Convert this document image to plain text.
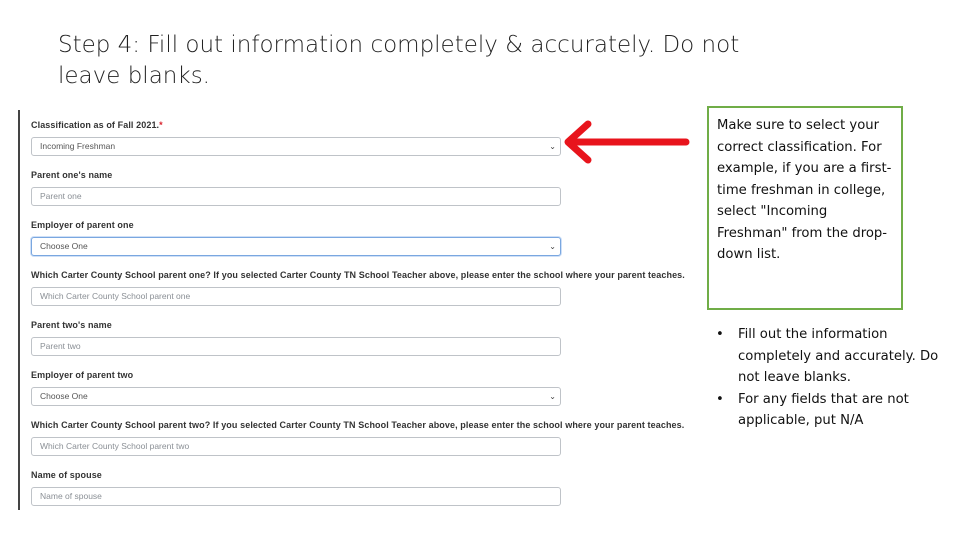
Step 4: Fill out information completely & accurately. Do not leave blanks.
Classification as of Fall 2021.*
Incoming Freshman	⌄
Parent one's name
Parent one
Employer of parent one
Choose One	⌄
Which Carter County School parent one? If you selected Carter County TN School Teacher above, please enter the school where your parent teaches.
Which Carter County School parent one
Parent two's name
Parent two
Employer of parent two
Choose One	⌄
Which Carter County School parent two? If you selected Carter County TN School Teacher above, please enter the school where your parent teaches.
Which Carter County School parent two
Name of spouse
Name of spouse
Make sure to select your correct classification. For example, if you are a first-time freshman in college, select "Incoming Freshman" from the drop-down list.
• Fill out the information completely and accurately. Do not leave blanks.
• For any fields that are not applicable, put N/A
